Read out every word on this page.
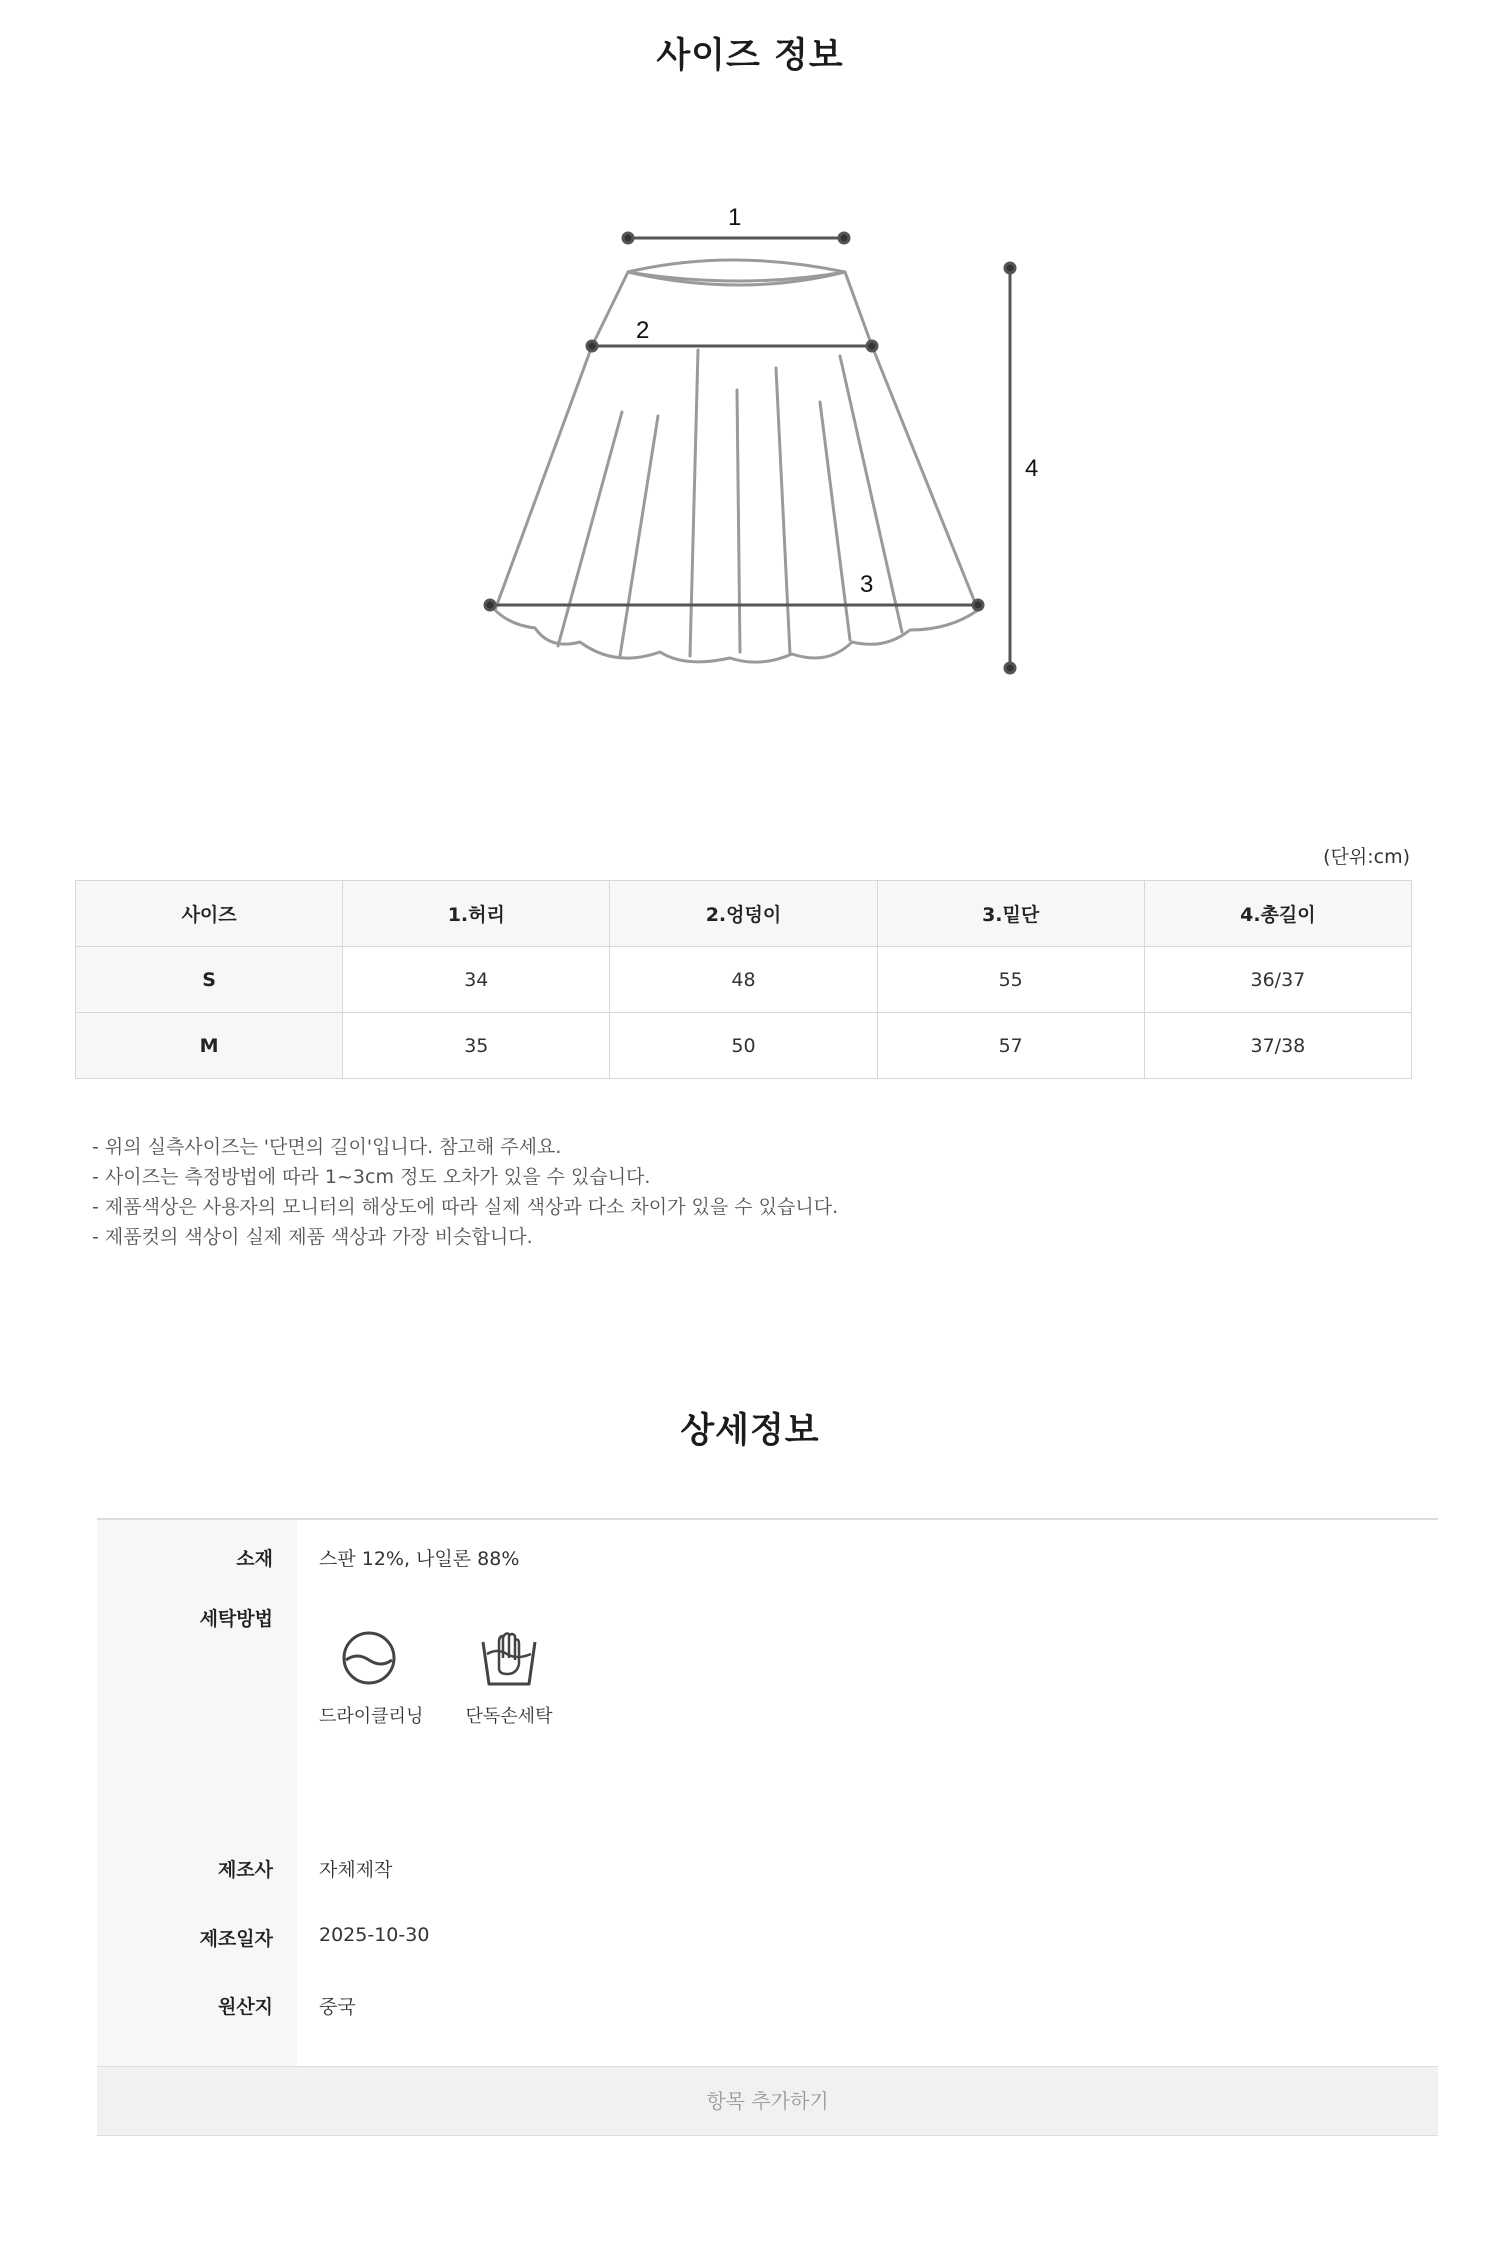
사이즈 정보
1
2
3
4
(단위:cm)
사이즈	1.허리	2.엉덩이	3.밑단	4.총길이
S	34	48	55	36/37
M	35	50	57	37/38
- 위의 실측사이즈는 '단면의 길이'입니다. 참고해 주세요.
- 사이즈는 측정방법에 따라 1~3cm 정도 오차가 있을 수 있습니다.
- 제품색상은 사용자의 모니터의 해상도에 따라 실제 색상과 다소 차이가 있을 수 있습니다.
- 제품컷의 색상이 실제 제품 색상과 가장 비슷합니다.
상세정보
소재	스판 12%, 나일론 88%
세탁방법
드라이클리닝	단독손세탁
제조사	자체제작
제조일자	2025-10-30
원산지	중국
항목 추가하기
